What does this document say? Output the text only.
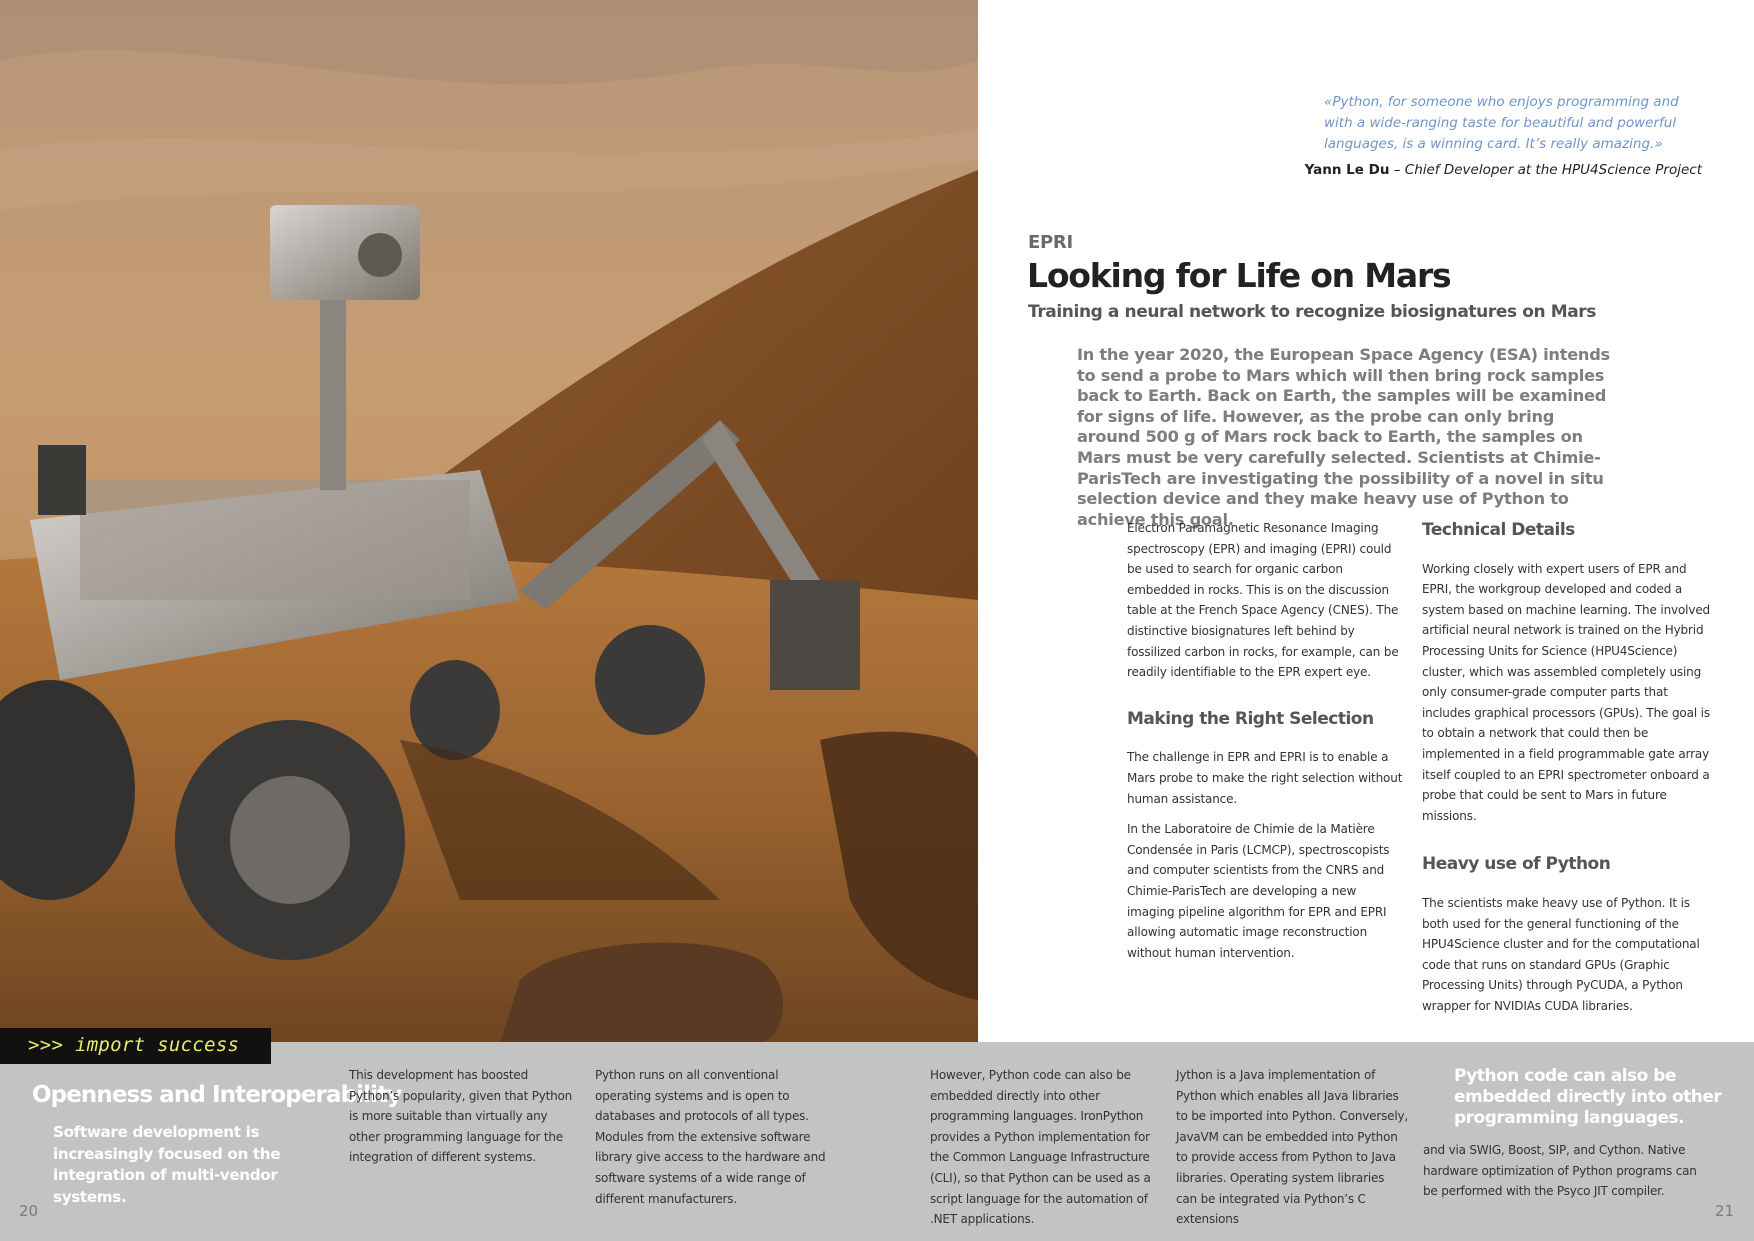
«Python, for someone who enjoys programming and with a wide-ranging taste for beautiful and powerful languages, is a winning card. It’s really amazing.»
Yann Le Du – Chief Developer at the HPU4Science Project
EPRI
Looking for Life on Mars
Training a neural network to recognize biosignatures on Mars
In the year 2020, the European Space Agency (ESA) intends to send a probe to Mars which will then bring rock samples back to Earth. Back on Earth, the samples will be examined for signs of life. However, as the probe can only bring around 500 g of Mars rock back to Earth, the samples on Mars must be very carefully selected. Scientists at Chimie-ParisTech are investigating the possibility of a novel in situ selection device and they make heavy use of Python to achieve this goal.

Electron Paramagnetic Resonance Imaging spectroscopy (EPR) and imaging (EPRI) could be used to search for organic carbon embedded in rocks. This is on the discussion table at the French Space Agency (CNES). The distinctive biosignatures left behind by fossilized carbon in rocks, for example, can be readily identifiable to the EPR expert eye.

Making the Right Selection

The challenge in EPR and EPRI is to enable a Mars probe to make the right selection without human assistance.

In the Laboratoire de Chimie de la Matière Condensée in Paris (LCMCP), spectroscopists and computer scientists from the CNRS and Chimie-ParisTech are developing a new imaging pipeline algorithm for EPR and EPRI allowing automatic image reconstruction without human intervention.

Technical Details

Working closely with expert users of EPR and EPRI, the workgroup developed and coded a system based on machine learning. The involved artificial neural network is trained on the Hybrid Processing Units for Science (HPU4Science) cluster, which was assembled completely using only consumer-grade computer parts that includes graphical processors (GPUs). The goal is to obtain a network that could then be implemented in a field programmable gate array itself coupled to an EPRI spectrometer onboard a probe that could be sent to Mars in future missions.

Heavy use of Python

The scientists make heavy use of Python. It is both used for the general functioning of the HPU4Science cluster and for the computational code that runs on standard GPUs (Graphic Processing Units) through PyCUDA, a Python wrapper for NVIDIAs CUDA libraries.

>>> import success
Openness and Interoperability
Software development is increasingly focused on the integration of multi-vendor systems.
This development has boosted Python’s popularity, given that Python is more suitable than virtually any other programming language for the integration of different systems.
Python runs on all conventional operating systems and is open to databases and protocols of all types. Modules from the extensive software library give access to the hardware and software systems of a wide range of different manufacturers.
However, Python code can also be embedded directly into other programming languages. IronPython provides a Python implementation for the Common Language Infrastructure (CLI), so that Python can be used as a script language for the automation of .NET applications.
Jython is a Java implementation of Python which enables all Java libraries to be imported into Python. Conversely, JavaVM can be embedded into Python to provide access from Python to Java libraries. Operating system libraries can be integrated via Python’s C extensions
Python code can also be embedded directly into other programming languages.
and via SWIG, Boost, SIP, and Cython. Native hardware optimization of Python programs can be performed with the Psyco JIT compiler.
20	21
